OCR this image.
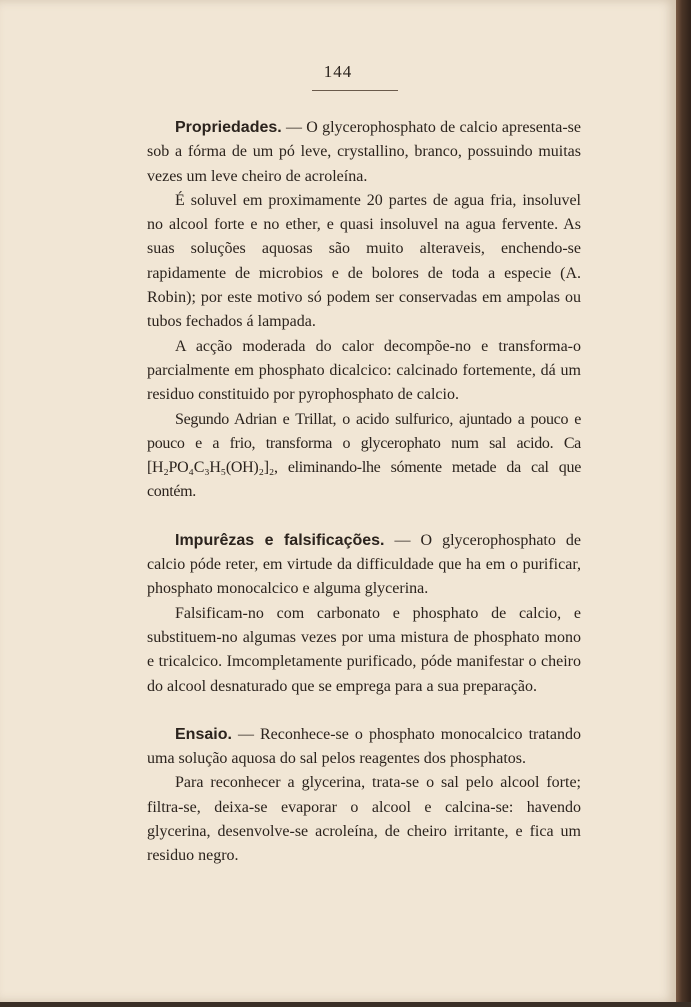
144

Propriedades. — O glycerophosphato de calcio apresenta-se sob a fórma de um pó leve, crystallino, branco, possuindo muitas vezes um leve cheiro de acroleína.

É soluvel em proximamente 20 partes de agua fria, insoluvel no alcool forte e no ether, e quasi insoluvel na agua fervente. As suas soluções aquosas são muito alteraveis, enchendo-se rapidamente de microbios e de bolores de toda a especie (A. Robin); por este motivo só podem ser conservadas em ampolas ou tubos fechados á lampada.

A acção moderada do calor decompõe-no e transforma-o parcialmente em phosphato dicalcico: calcinado fortemente, dá um residuo constituido por pyrophosphato de calcio.

Segundo Adrian e Trillat, o acido sulfurico, ajuntado a pouco e pouco e a frio, transforma o glycerophato num sal acido. Ca [H₂PO₄C₃H₅(OH)₂]₂, eliminando-lhe sómente metade da cal que contém.

Impurêzas e falsificações. — O glycerophosphato de calcio póde reter, em virtude da difficuldade que ha em o purificar, phosphato monocalcico e alguma glycerina.

Falsificam-no com carbonato e phosphato de calcio, e substituem-no algumas vezes por uma mistura de phosphato mono e tricalcico. Imcompletamente purificado, póde manifestar o cheiro do alcool desnaturado que se emprega para a sua preparação.

Ensaio. — Reconhece-se o phosphato monocalcico tratando uma solução aquosa do sal pelos reagentes dos phosphatos.

Para reconhecer a glycerina, trata-se o sal pelo alcool forte; filtra-se, deixa-se evaporar o alcool e calcina-se: havendo glycerina, desenvolve-se acroleína, de cheiro irritante, e fica um residuo negro.
